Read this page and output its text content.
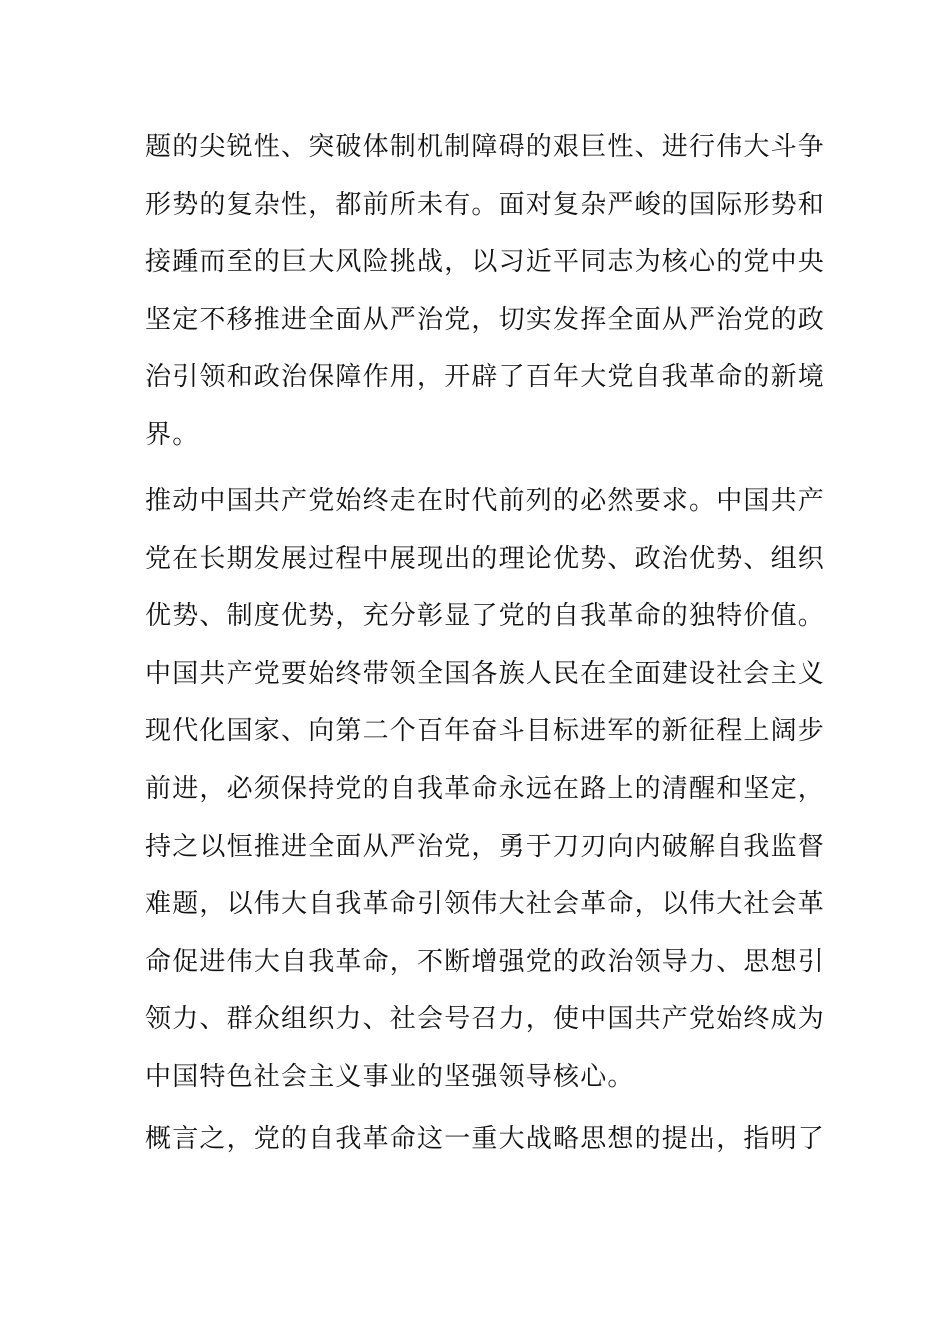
题的尖锐性、突破体制机制障碍的艰巨性、进行伟大斗争
形势的复杂性，都前所未有。面对复杂严峻的国际形势和
接踵而至的巨大风险挑战，以习近平同志为核心的党中央
坚定不移推进全面从严治党，切实发挥全面从严治党的政
治引领和政治保障作用，开辟了百年大党自我革命的新境
界。
推动中国共产党始终走在时代前列的必然要求。中国共产
党在长期发展过程中展现出的理论优势、政治优势、组织
优势、制度优势，充分彰显了党的自我革命的独特价值。
中国共产党要始终带领全国各族人民在全面建设社会主义
现代化国家、向第二个百年奋斗目标进军的新征程上阔步
前进，必须保持党的自我革命永远在路上的清醒和坚定，
持之以恒推进全面从严治党，勇于刀刃向内破解自我监督
难题，以伟大自我革命引领伟大社会革命，以伟大社会革
命促进伟大自我革命，不断增强党的政治领导力、思想引
领力、群众组织力、社会号召力，使中国共产党始终成为
中国特色社会主义事业的坚强领导核心。
概言之，党的自我革命这一重大战略思想的提出，指明了
